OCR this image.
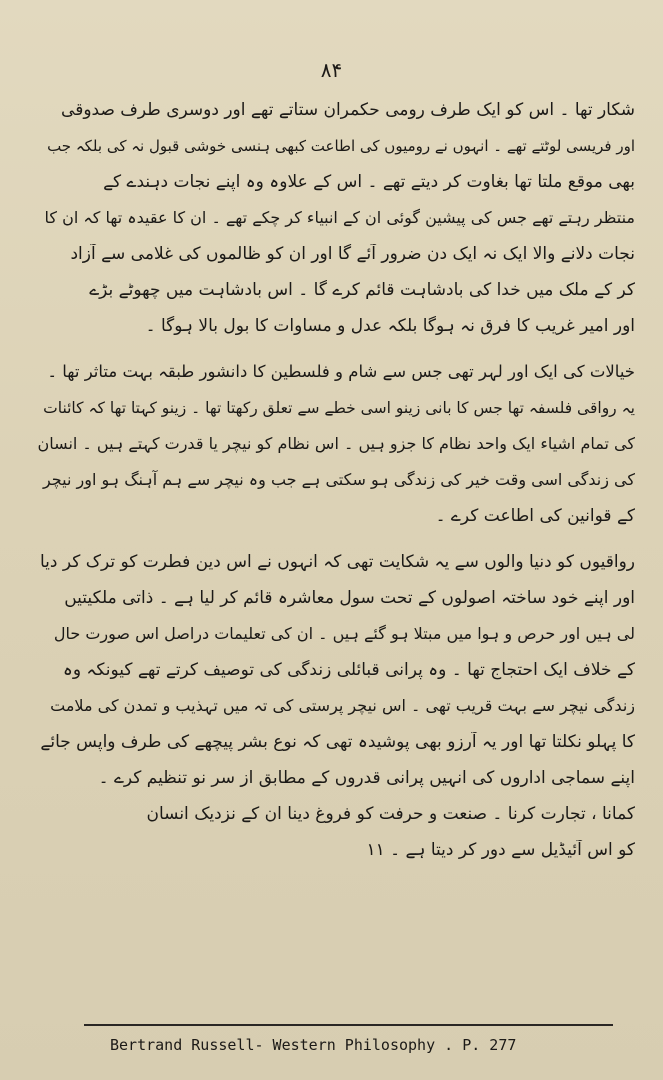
٨۴
شکار تھا ۔ اس کو ایک طرف رومی حکمران ستاتے تھے اور دوسری طرف صدوقی
اور فریسی لوٹتے تھے ۔ انہوں نے رومیوں کی اطاعت کبھی ہنسی خوشی قبول نہ کی بلکہ جب
بھی موقع ملتا تھا بغاوت کر دیتے تھے ۔ اس کے علاوہ وہ اپنے نجات دہندے کے
منتظر رہتے تھے جس کی پیشین گوئی ان کے انبیاء کر چکے تھے ۔ ان کا عقیدہ تھا کہ ان کا
نجات دلانے والا ایک نہ ایک دن ضرور آئے گا اور ان کو ظالموں کی غلامی سے آزاد
کر کے ملک میں خدا کی بادشاہت قائم کرے گا ۔ اس بادشاہت میں چھوٹے بڑے
اور امیر غریب کا فرق نہ ہوگا بلکہ عدل و مساوات کا بول بالا ہوگا ۔
خیالات کی ایک اور لہر تھی جس سے شام و فلسطین کا دانشور طبقہ بہت متاثر تھا ۔
یہ رواقی فلسفہ تھا جس کا بانی زینو اسی خطے سے تعلق رکھتا تھا ۔ زینو کہتا تھا کہ کائنات
کی تمام اشیاء ایک واحد نظام کا جزو ہیں ۔ اس نظام کو نیچر یا قدرت کہتے ہیں ۔ انسان
کی زندگی اسی وقت خیر کی زندگی ہو سکتی ہے جب وہ نیچر سے ہم آہنگ ہو اور نیچر
کے قوانین کی اطاعت کرے ۔
رواقیوں کو دنیا والوں سے یہ شکایت تھی کہ انہوں نے اس دین فطرت کو ترک کر دیا
اور اپنے خود ساختہ اصولوں کے تحت سول معاشرہ قائم کر لیا ہے ۔ ذاتی ملکیتیں
لی ہیں اور حرص و ہوا میں مبتلا ہو گئے ہیں ۔ ان کی تعلیمات دراصل اس صورت حال
کے خلاف ایک احتجاج تھا ۔ وہ پرانی قبائلی زندگی کی توصیف کرتے تھے کیونکہ وہ
زندگی نیچر سے بہت قریب تھی ۔ اس نیچر پرستی کی تہ میں تہذیب و تمدن کی ملامت
کا پہلو نکلتا تھا اور یہ آرزو بھی پوشیدہ تھی کہ نوع بشر پیچھے کی طرف واپس جائے
اپنے سماجی اداروں کی انہیں پرانی قدروں کے مطابق از سر نو تنظیم کرے ۔
کمانا ، تجارت کرنا ۔ صنعت و حرفت کو فروغ دینا ان کے نزدیک انسان
کو اس آئیڈیل سے دور کر دیتا ہے ۔ ۱۱
Bertrand Russell- Western Philosophy . P. 277
